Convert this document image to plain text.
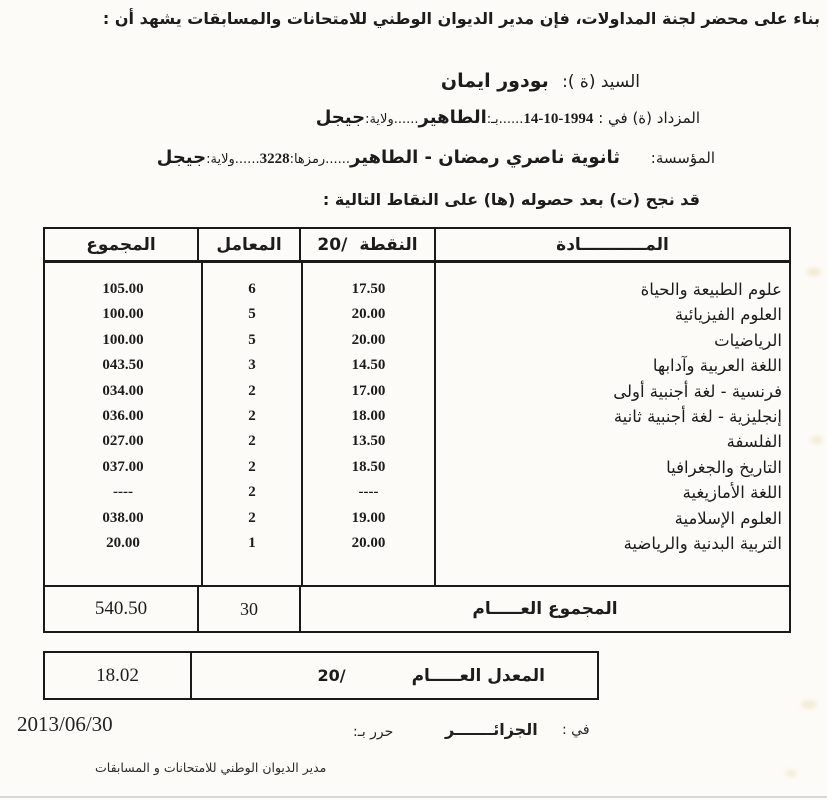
بناء على محضر لجنة المداولات، فإن مدير الديوان الوطني للامتحانات والمسابقات يشهد أن :
السيد (ة ): بودور ايمان
المزداد (ة) في : 1994-10-14......بـ:الطاهير......ولاية:جيجل
المؤسسة: ثانوية ناصري رمضان - الطاهير......رمزها:3228......ولاية:جيجل
قد نجح (ت) بعد حصوله (ها) على النقاط التالية :
المـــــــــــادة
النقطة
/20
المعامل
المجموع
علوم الطبيعة والحياة
العلوم الفيزيائية
الرياضيات
اللغة العربية وآدابها
فرنسية - لغة أجنبية أولى
إنجليزية - لغة أجنبية ثانية
الفلسفة
التاريخ والجغرافيا
اللغة الأمازيغية
العلوم الإسلامية
التربية البدنية والرياضية
17.50
20.00
20.00
14.50
17.00
18.00
13.50
18.50
----
19.00
20.00
6
5
5
3
2
2
2
2
2
2
1
105.00
100.00
100.00
043.50
034.00
036.00
027.00
037.00
----
038.00
20.00
المجموع العـــــام
30
540.50
المعدل العـــــام
/20
18.02
2013/06/30	حرر بـ:	الجزائـــــــر في :
مدير الديوان الوطني للامتحانات و المسابقات
